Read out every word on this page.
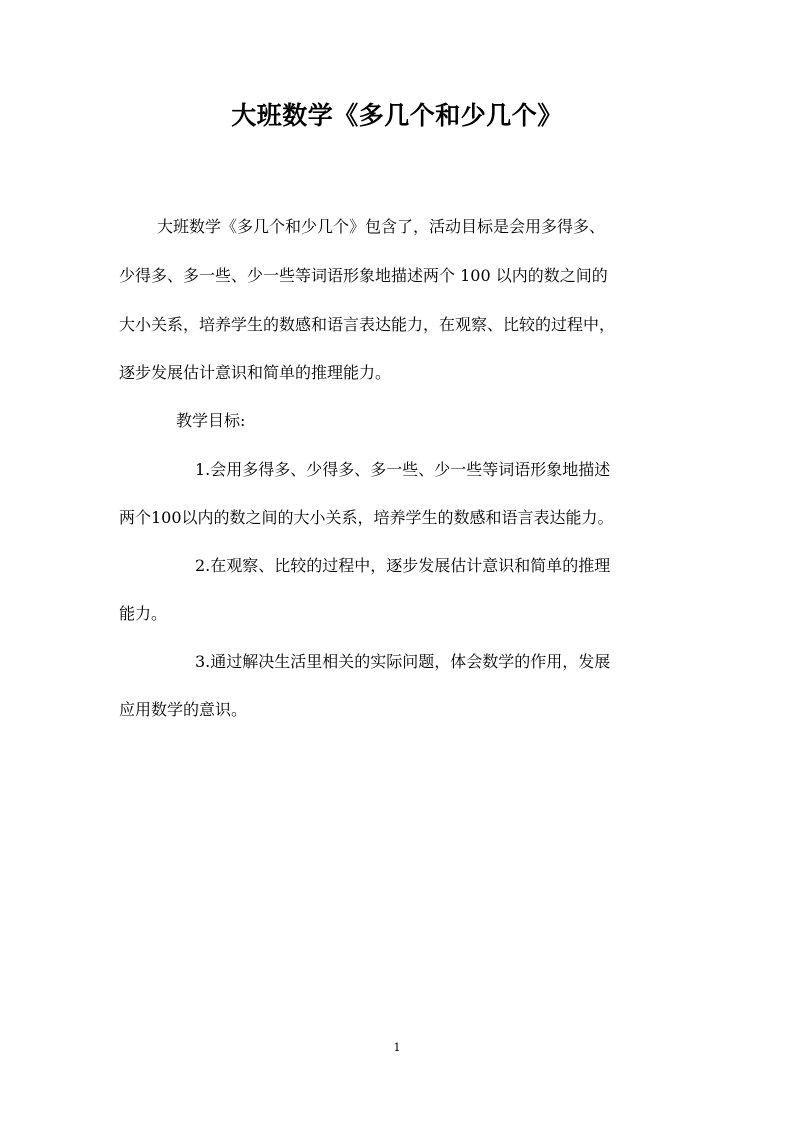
大班数学《多几个和少几个》
大班数学《多几个和少几个》包含了，活动目标是会用多得多、
少得多、多一些、少一些等词语形象地描述两个 100 以内的数之间的
大小关系，培养学生的数感和语言表达能力，在观察、比较的过程中，
逐步发展估计意识和简单的推理能力。
教学目标:
1.会用多得多、少得多、多一些、少一些等词语形象地描述
两个100以内的数之间的大小关系，培养学生的数感和语言表达能力。
2.在观察、比较的过程中，逐步发展估计意识和简单的推理
能力。
3.通过解决生活里相关的实际问题，体会数学的作用，发展
应用数学的意识。
1
